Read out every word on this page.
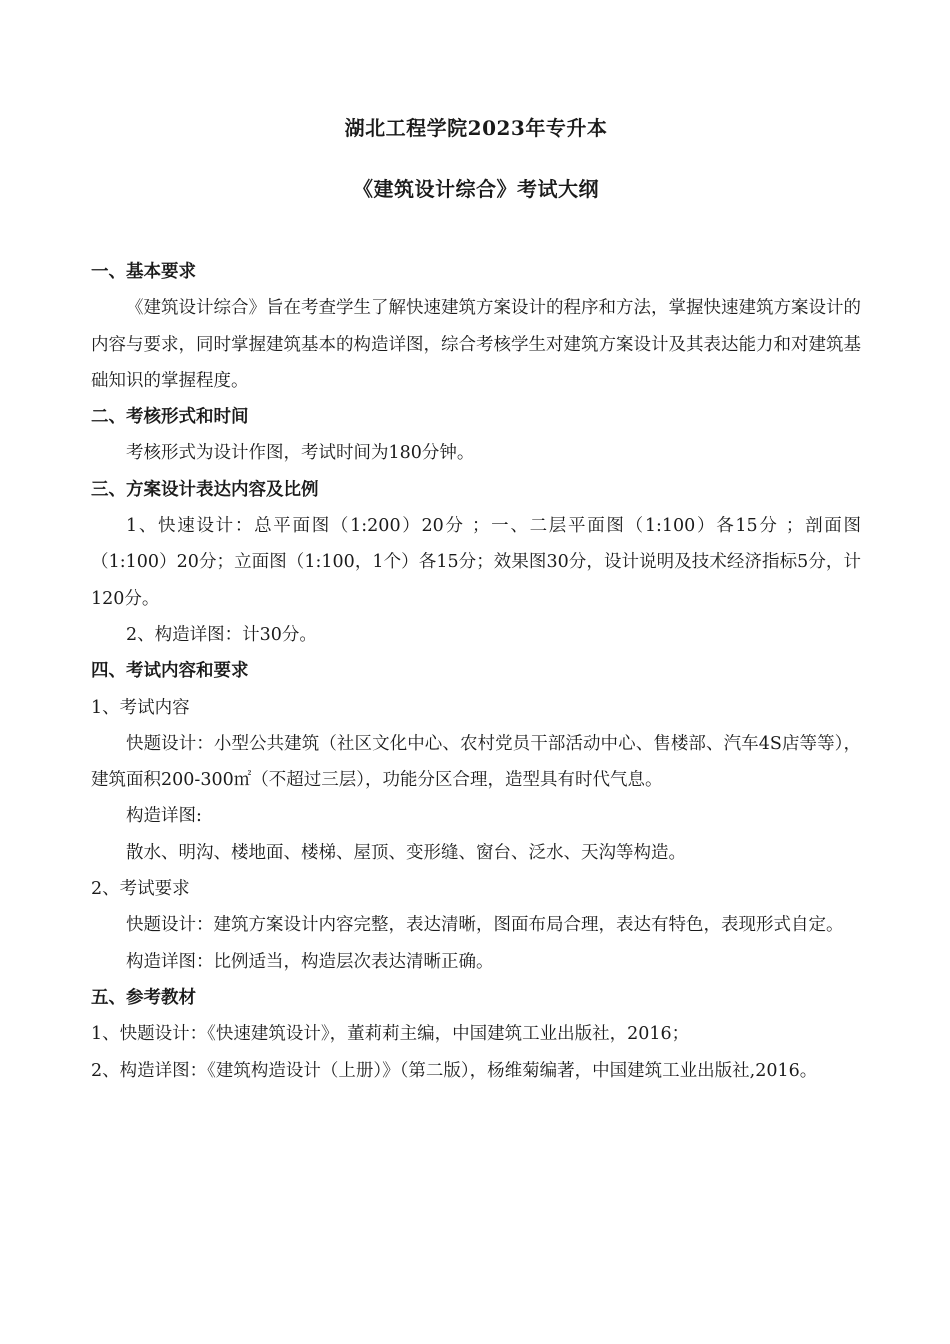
湖北工程学院2023年专升本
《建筑设计综合》考试大纲

一、基本要求

《建筑设计综合》旨在考查学生了解快速建筑方案设计的程序和方法，掌握快速建筑方案设计的内容与要求，同时掌握建筑基本的构造详图，综合考核学生对建筑方案设计及其表达能力和对建筑基础知识的掌握程度。

二、考核形式和时间

考核形式为设计作图，考试时间为180分钟。

三、方案设计表达内容及比例

1、快速设计：总平面图（1:200）20分 ；一、二层平面图（1:100）各15分 ；剖面图（1:100）20分；立面图（1:100，1个）各15分；效果图30分，设计说明及技术经济指标5分，计120分。

2、构造详图：计30分。

四、考试内容和要求

1、考试内容

快题设计：小型公共建筑（社区文化中心、农村党员干部活动中心、售楼部、汽车4S店等等），建筑面积200-300㎡（不超过三层），功能分区合理，造型具有时代气息。

构造详图:

散水、明沟、楼地面、楼梯、屋顶、变形缝、窗台、泛水、天沟等构造。

2、考试要求

快题设计：建筑方案设计内容完整，表达清晰，图面布局合理，表达有特色，表现形式自定。

构造详图：比例适当，构造层次表达清晰正确。

五、参考教材

1、快题设计：《快速建筑设计》，董莉莉主编，中国建筑工业出版社，2016；

2、构造详图：《建筑构造设计（上册）》（第二版），杨维菊编著，中国建筑工业出版社,2016。
